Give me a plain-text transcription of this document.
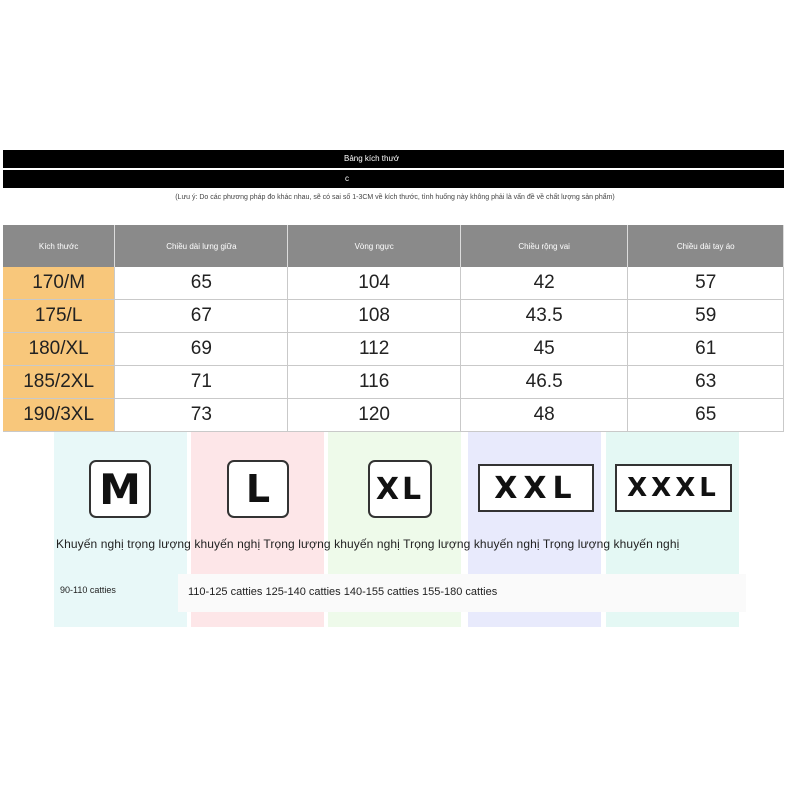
Bảng kích thướ
c
(Lưu ý: Do các phương pháp đo khác nhau, sẽ có sai số 1-3CM về kích thước, tình huống này không phải là vấn đề về chất lượng sản phẩm)
Kích thước	Chiều dài lưng giữa	Vòng ngực	Chiều rộng vai	Chiều dài tay áo
170/M	65	104	42	57
175/L	67	108	43.5	59
180/XL	69	112	45	61
185/2XL	71	116	46.5	63
190/3XL	73	120	48	65
M	L	XL	XXL	XXXL
Khuyến nghị trọng lượng khuyến nghị Trọng lượng khuyến nghị Trọng lượng khuyến nghị Trọng lượng khuyến nghị
90-110 catties	110-125 catties 125-140 catties 140-155 catties 155-180 catties
